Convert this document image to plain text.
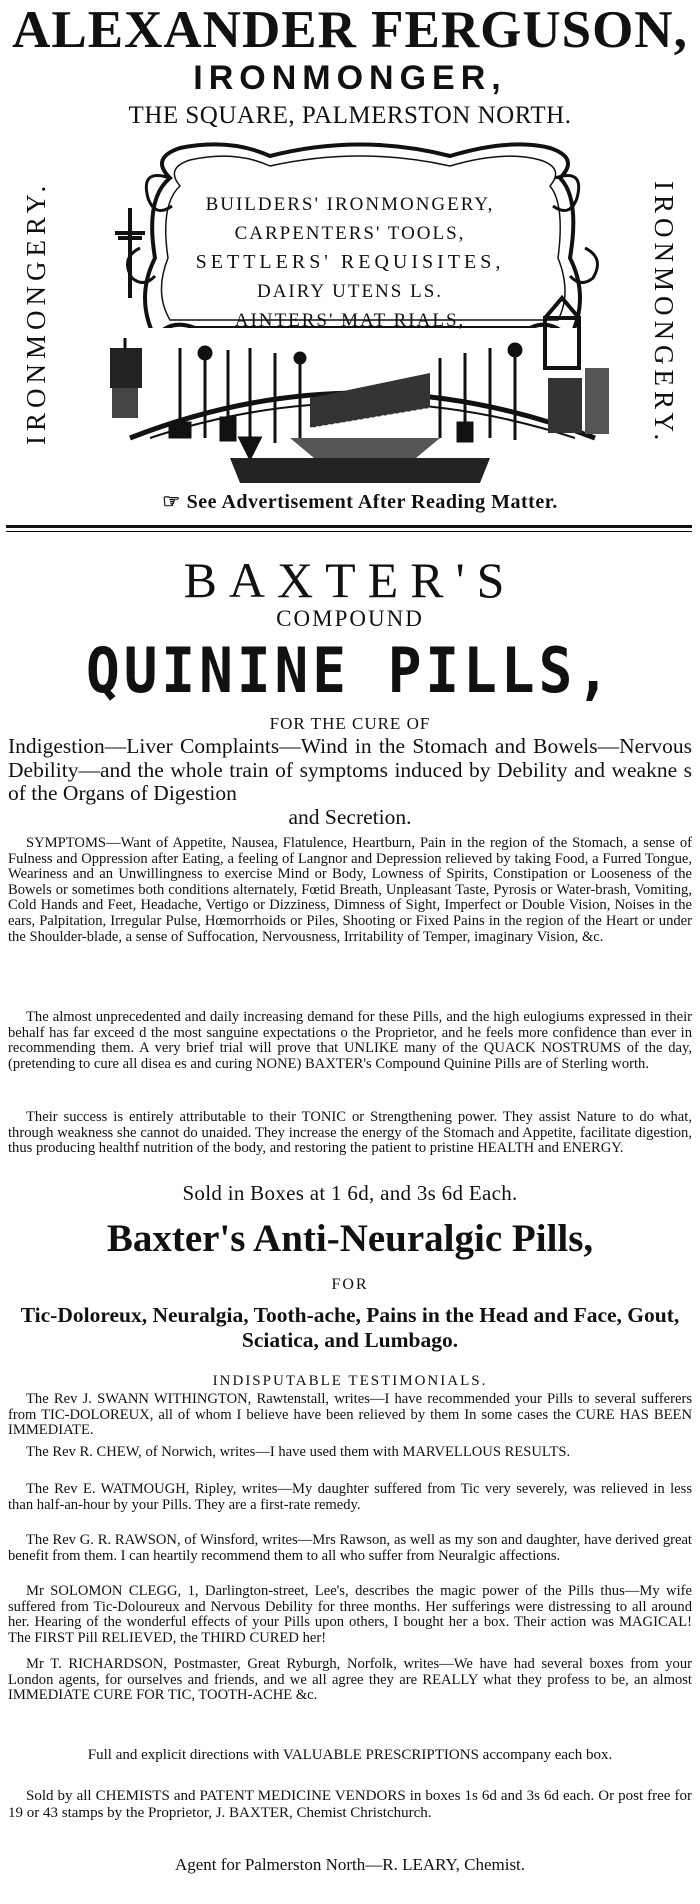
ALEXANDER FERGUSON,
IRONMONGER,
THE SQUARE, PALMERSTON NORTH.
IRONMONGERY.	IRONMONGERY.
BUILDERS' IRONMONGERY,
CARPENTERS' TOOLS,
SETTLERS' REQUISITES,
DAIRY UTENS LS.
AINTERS' MAT RIALS,
☞ See Advertisement After Reading Matter.
BAXTER'S
COMPOUND
QUININE PILLS,
FOR THE CURE OF
Indigestion—Liver Complaints—Wind in the Stomach and Bowels—Nervous Debility—and the whole train of symptoms induced by Debility and weakne s of the Organs of Digestion
and Secretion.
SYMPTOMS—Want of Appetite, Nausea, Flatulence, Heartburn, Pain in the region of the Stomach, a sense of Fulness and Oppression after Eating, a feeling of Langnor and Depression relieved by taking Food, a Furred Tongue, Weariness and an Unwillingness to exercise Mind or Body, Lowness of Spirits, Constipation or Looseness of the Bowels or sometimes both conditions alternately, Fœtid Breath, Unpleasant Taste, Pyrosis or Water-brash, Vomiting, Cold Hands and Feet, Headache, Vertigo or Dizziness, Dimness of Sight, Imperfect or Double Vision, Noises in the ears, Palpitation, Irregular Pulse, Hœmorrhoids or Piles, Shooting or Fixed Pains in the region of the Heart or under the Shoulder-blade, a sense of Suffocation, Nervousness, Irritability of Temper, imaginary Vision, &c.
The almost unprecedented and daily increasing demand for these Pills, and the high eulogiums expressed in their behalf has far exceed d the most sanguine expectations o the Proprietor, and he feels more confidence than ever in recommending them. A very brief trial will prove that UNLIKE many of the QUACK NOSTRUMS of the day, (pretending to cure all disea es and curing NONE) BAXTER's Compound Quinine Pills are of Sterling worth.
Their success is entirely attributable to their TONIC or Strengthening power. They assist Nature to do what, through weakness she cannot do unaided. They increase the energy of the Stomach and Appetite, facilitate digestion, thus producing healthf nutrition of the body, and restoring the patient to pristine HEALTH and ENERGY.
Sold in Boxes at 1 6d, and 3s 6d Each.
Baxter's Anti-Neuralgic Pills,
FOR
Tic-Doloreux, Neuralgia, Tooth-ache, Pains in the Head and Face, Gout, Sciatica, and Lumbago.
INDISPUTABLE TESTIMONIALS.
The Rev J. SWANN WITHINGTON, Rawtenstall, writes—I have recommended your Pills to several sufferers from TIC-DOLOREUX, all of whom I believe have been relieved by them In some cases the CURE HAS BEEN IMMEDIATE.
The Rev R. CHEW, of Norwich, writes—I have used them with MARVELLOUS RESULTS.
The Rev E. WATMOUGH, Ripley, writes—My daughter suffered from Tic very severely, was relieved in less than half-an-hour by your Pills. They are a first-rate remedy.
The Rev G. R. RAWSON, of Winsford, writes—Mrs Rawson, as well as my son and daughter, have derived great benefit from them. I can heartily recommend them to all who suffer from Neuralgic affections.
Mr SOLOMON CLEGG, 1, Darlington-street, Lee's, describes the magic power of the Pills thus—My wife suffered from Tic-Doloureux and Nervous Debility for three months. Her sufferings were distressing to all around her. Hearing of the wonderful effects of your Pills upon others, I bought her a box. Their action was MAGICAL! The FIRST Pill RELIEVED, the THIRD CURED her!
Mr T. RICHARDSON, Postmaster, Great Ryburgh, Norfolk, writes—We have had several boxes from your London agents, for ourselves and friends, and we all agree they are REALLY what they profess to be, an almost IMMEDIATE CURE FOR TIC, TOOTH-ACHE &c.
Full and explicit directions with VALUABLE PRESCRIPTIONS accompany each box.
Sold by all CHEMISTS and PATENT MEDICINE VENDORS in boxes 1s 6d and 3s 6d each. Or post free for 19 or 43 stamps by the Proprietor, J. BAXTER, Chemist Christchurch.
Agent for Palmerston North—R. LEARY, Chemist.
